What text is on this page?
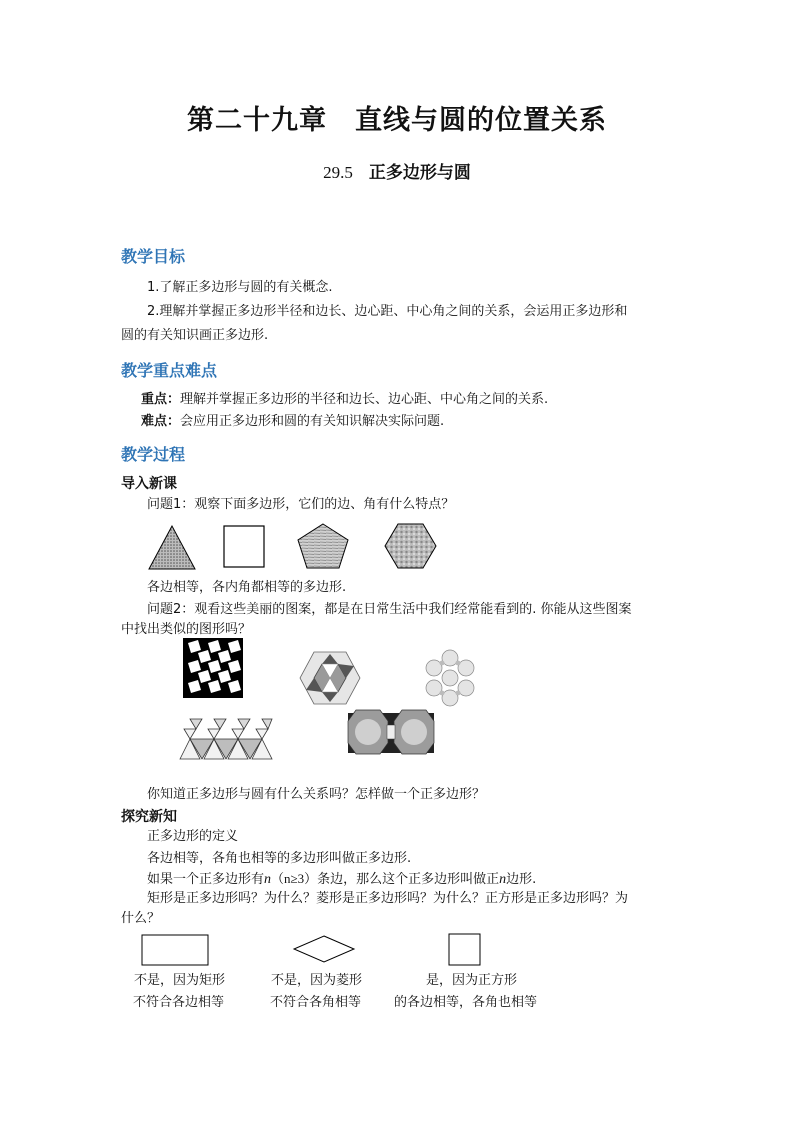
第二十九章　直线与圆的位置关系
29.5 正多边形与圆
教学目标
1.了解正多边形与圆的有关概念.
2.理解并掌握正多边形半径和边长、边心距、中心角之间的关系，会运用正多边形和
圆的有关知识画正多边形.
教学重点难点
重点：理解并掌握正多边形的半径和边长、边心距、中心角之间的关系.
难点：会应用正多边形和圆的有关知识解决实际问题.
教学过程
导入新课
问题1：观察下面多边形，它们的边、角有什么特点？
各边相等，各内角都相等的多边形.
问题2：观看这些美丽的图案，都是在日常生活中我们经常能看到的. 你能从这些图案
中找出类似的图形吗？
你知道正多边形与圆有什么关系吗？怎样做一个正多边形？
探究新知
正多边形的定义
各边相等，各角也相等的多边形叫做正多边形.
如果一个正多边形有n（n≥3）条边，那么这个正多边形叫做正n边形.
矩形是正多边形吗？为什么？菱形是正多边形吗？为什么？正方形是正多边形吗？为
什么？
不是，因为矩形
不符合各边相等
不是，因为菱形
不符合各角相等
是，因为正方形
的各边相等，各角也相等
